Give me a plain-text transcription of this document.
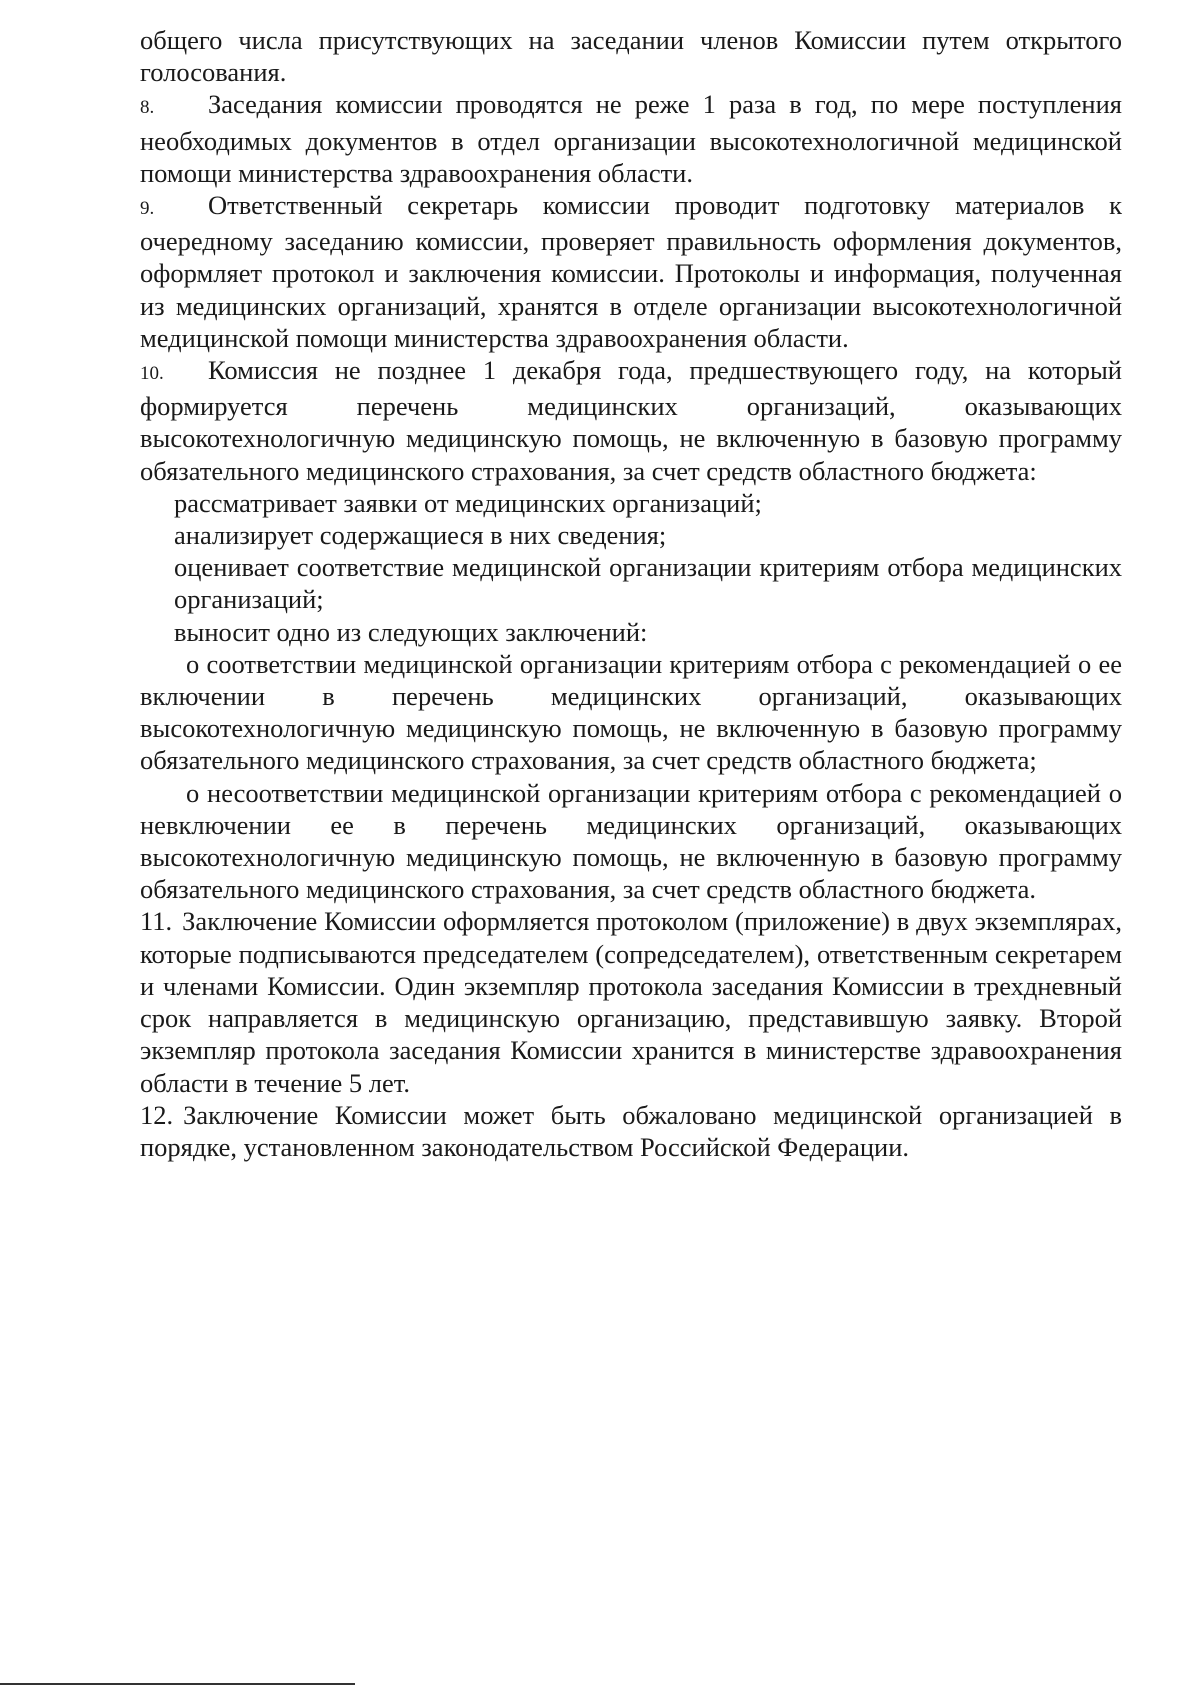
общего числа присутствующих на заседании членов Комиссии путем открытого голосования.

8. Заседания комиссии проводятся не реже 1 раза в год, по мере поступления необходимых документов в отдел организации высокотехнологичной медицинской помощи министерства здравоохранения области.

9. Ответственный секретарь комиссии проводит подготовку материалов к очередному заседанию комиссии, проверяет правильность оформления документов, оформляет протокол и заключения комиссии. Протоколы и информация, полученная из медицинских организаций, хранятся в отделе организации высокотехнологичной медицинской помощи министерства здравоохранения области.

10. Комиссия не позднее 1 декабря года, предшествующего году, на который формируется перечень медицинских организаций, оказывающих высокотехнологичную медицинскую помощь, не включенную в базовую программу обязательного медицинского страхования, за счет средств областного бюджета:

рассматривает заявки от медицинских организаций;

анализирует содержащиеся в них сведения;

оценивает соответствие медицинской организации критериям отбора медицинских организаций;

выносит одно из следующих заключений:

о соответствии медицинской организации критериям отбора с рекомендацией о ее включении в перечень медицинских организаций, оказывающих высокотехнологичную медицинскую помощь, не включенную в базовую программу обязательного медицинского страхования, за счет средств областного бюджета;

о несоответствии медицинской организации критериям отбора с рекомендацией о невключении ее в перечень медицинских организаций, оказывающих высокотехнологичную медицинскую помощь, не включенную в базовую программу обязательного медицинского страхования, за счет средств областного бюджета.

11. Заключение Комиссии оформляется протоколом (приложение) в двух экземплярах, которые подписываются председателем (сопредседателем), ответственным секретарем и членами Комиссии. Один экземпляр протокола заседания Комиссии в трехдневный срок направляется в медицинскую организацию, представившую заявку. Второй экземпляр протокола заседания Комиссии хранится в министерстве здравоохранения области в течение 5 лет.

12. Заключение Комиссии может быть обжаловано медицинской организацией в порядке, установленном законодательством Российской Федерации.
